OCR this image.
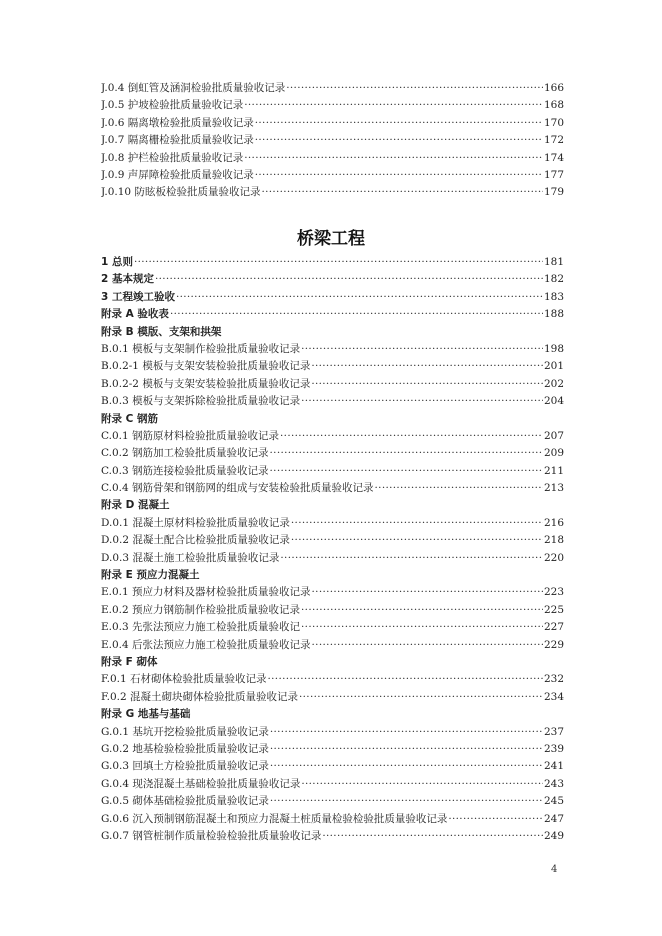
J.0.4 倒虹管及涵洞检验批质量验收记录 ·····	166
J.0.5 护坡检验批质量验收记录 ·····	168
J.0.6 隔离墩检验批质量验收记录 ·····	170
J.0.7 隔离栅检验批质量验收记录 ·····	172
J.0.8 护栏检验批质量验收记录 ·····	174
J.0.9 声屏障检验批质量验收记录 ·····	177
J.0.10 防眩板检验批质量验收记录 ·····	179
桥梁工程
1 总则 ·····	181
2 基本规定 ·····	182
3 工程竣工验收 ·····	183
附录 A 验收表 ·····	188
附录 B 模版、支架和拱架
B.0.1 模板与支架制作检验批质量验收记录 ·····	198
B.0.2-1 模板与支架安装检验批质量验收记录 ·····	201
B.0.2-2 模板与支架安装检验批质量验收记录 ·····	202
B.0.3 模板与支架拆除检验批质量验收记录 ·····	204
附录 C 钢筋
C.0.1 钢筋原材料检验批质量验收记录 ·····	207
C.0.2 钢筋加工检验批质量验收记录 ·····	209
C.0.3 钢筋连接检验批质量验收记录 ·····	211
C.0.4 钢筋骨架和钢筋网的组成与安装检验批质量验收记录 ·····	213
附录 D 混凝土
D.0.1 混凝土原材料检验批质量验收记录 ·····	216
D.0.2 混凝土配合比检验批质量验收记录 ·····	218
D.0.3 混凝土施工检验批质量验收记录 ·····	220
附录 E 预应力混凝土
E.0.1 预应力材料及器材检验批质量验收记录 ·····	223
E.0.2 预应力钢筋制作检验批质量验收记录 ·····	225
E.0.3 先张法预应力施工检验批质量验收记 ·····	227
E.0.4 后张法预应力施工检验批质量验收记录 ·····	229
附录 F 砌体
F.0.1 石材砌体检验批质量验收记录 ·····	232
F.0.2 混凝土砌块砌体检验批质量验收记录 ·····	234
附录 G 地基与基础
G.0.1 基坑开挖检验批质量验收记录 ·····	237
G.0.2 地基检验检验批质量验收记录 ·····	239
G.0.3 回填土方检验批质量验收记录 ·····	241
G.0.4 现浇混凝土基础检验批质量验收记录 ·····	243
G.0.5 砌体基础检验批质量验收记录 ·····	245
G.0.6 沉入预制钢筋混凝土和预应力混凝土桩质量检验检验批质量验收记录 ·····	247
G.0.7 钢管桩制作质量检验检验批质量验收记录 ·····	249
4
